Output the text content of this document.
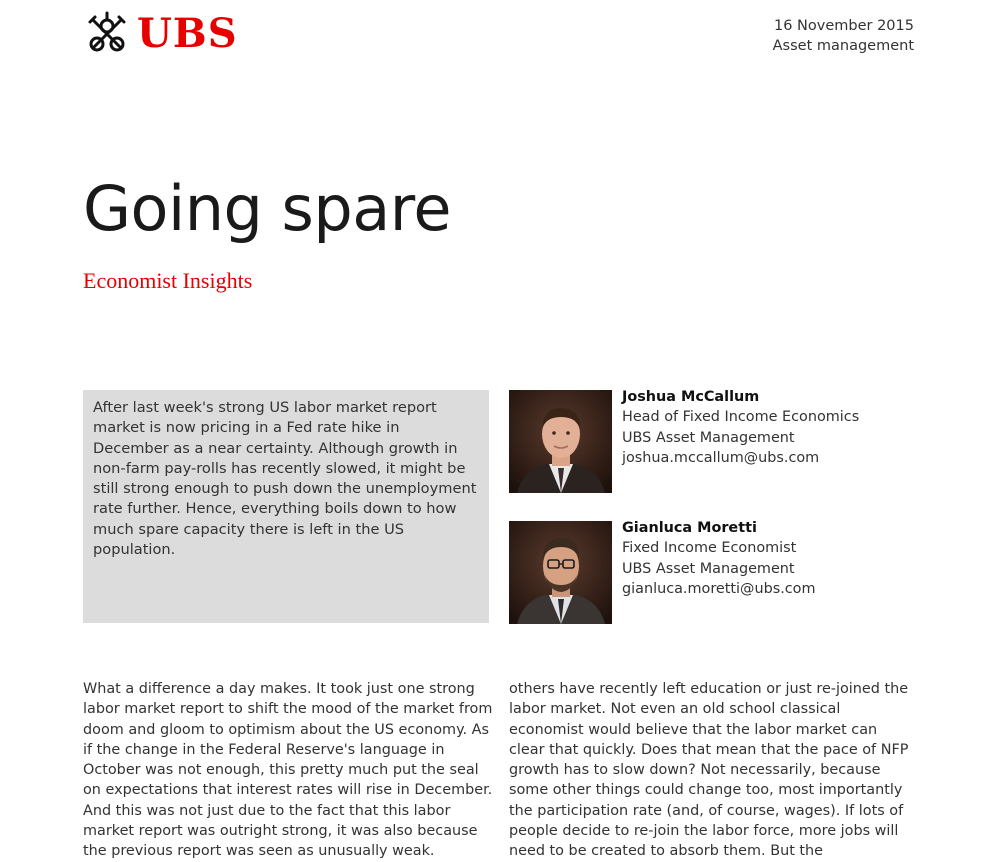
UBS	16 November 2015
Asset management
Going spare
Economist Insights
After last week's strong US labor market report market is now pricing in a Fed rate hike in December as a near certainty. Although growth in non-farm pay-rolls has recently slowed, it might be still strong enough to push down the unemployment rate further. Hence, everything boils down to how much spare capacity there is left in the US population.
Joshua McCallum
Head of Fixed Income Economics
UBS Asset Management
joshua.mccallum@ubs.com
Gianluca Moretti
Fixed Income Economist
UBS Asset Management
gianluca.moretti@ubs.com

What a difference a day makes. It took just one strong labor market report to shift the mood of the market from doom and gloom to optimism about the US economy. As if the change in the Federal Reserve's language in October was not enough, this pretty much put the seal on expectations that interest rates will rise in December. And this was not just due to the fact that this labor market report was outright strong, it was also because the previous report was seen as unusually weak.

others have recently left education or just re-joined the labor market. Not even an old school classical economist would believe that the labor market can clear that quickly. Does that mean that the pace of NFP growth has to slow down? Not necessarily, because some other things could change too, most importantly the participation rate (and, of course, wages). If lots of people decide to re-join the labor force, more jobs will need to be created to absorb them. But the
